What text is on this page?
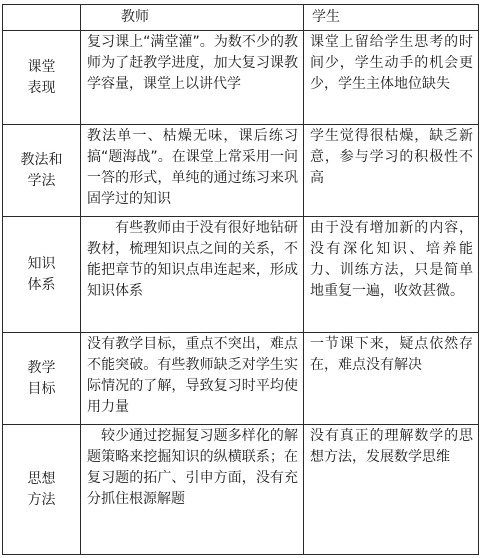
	教师	学生

课堂
表现	复习课上“满堂灌”。为数不少的教师为了赶教学进度，加大复习课教学容量，课堂上以讲代学	课堂上留给学生思考的时间少，学生动手的机会更少，学生主体地位缺失

教法和
学法	教法单一、枯燥无味，课后练习搞“题海战”。在课堂上常采用一问一答的形式，单纯的通过练习来巩固学过的知识	学生觉得很枯燥，缺乏新意，参与学习的积极性不高

知识
体系	有些教师由于没有很好地钻研教材，梳理知识点之间的关系，不能把章节的知识点串连起来，形成知识体系	由于没有增加新的内容，没有深化知识、培养能力、训练方法，只是简单地重复一遍，收效甚微。

教学
目标	没有教学目标，重点不突出，难点不能突破。有些教师缺乏对学生实际情况的了解，导致复习时平均使用力量	一节课下来，疑点依然存在，难点没有解决

思想
方法	较少通过挖掘复习题多样化的解题策略来挖掘知识的纵横联系；在复习题的拓广、引申方面，没有充分抓住根源解题	没有真正的理解数学的思想方法，发展数学思维
